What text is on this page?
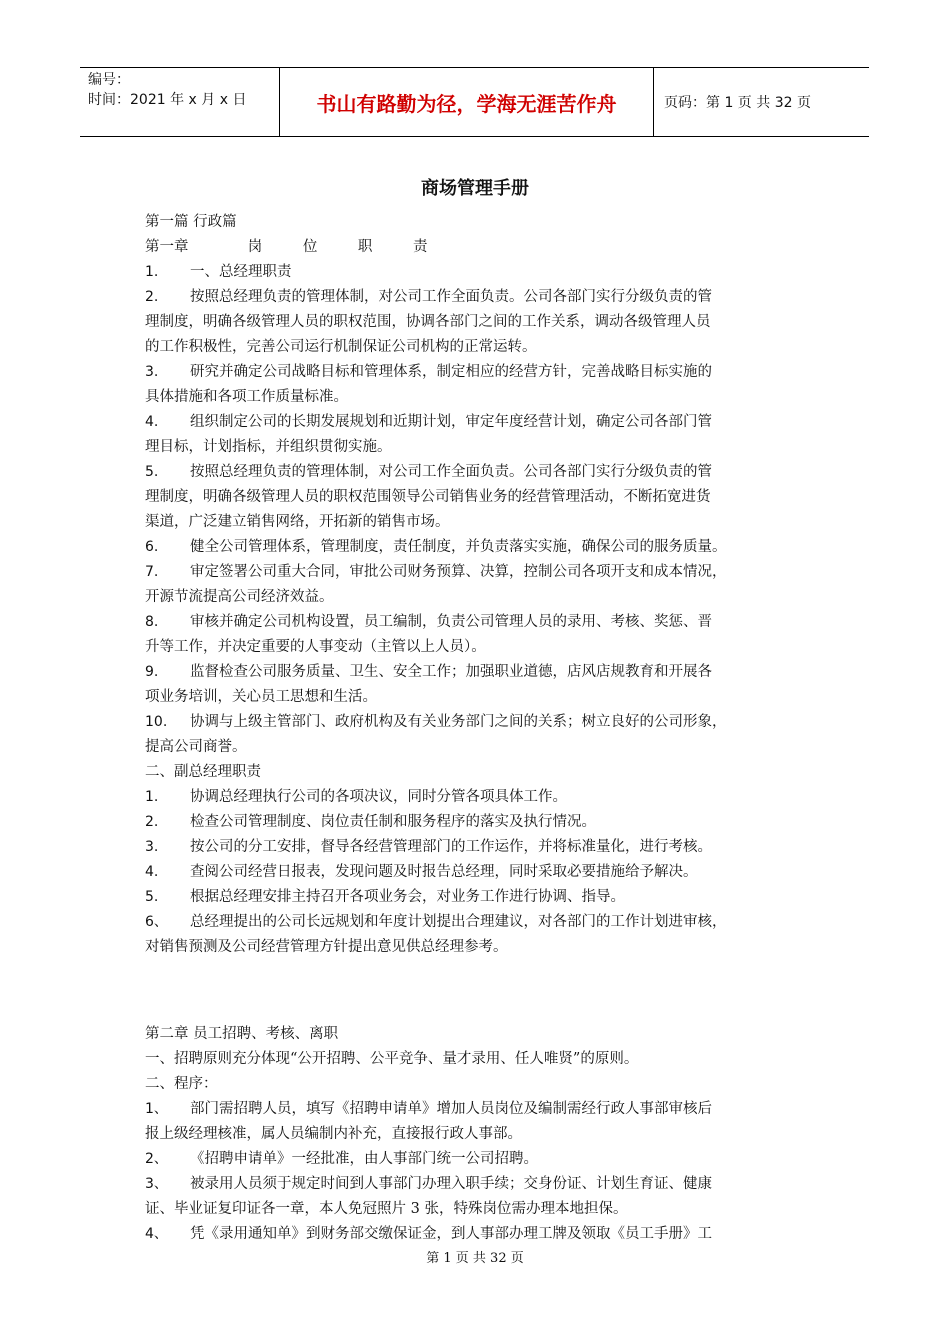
编号：
时间：2021 年 x 月 x 日	书山有路勤为径，学海无涯苦作舟	页码：第 1 页 共 32 页
商场管理手册
第一篇 行政篇
第一章	岗 位 职 责
1. 一、总经理职责
2. 按照总经理负责的管理体制，对公司工作全面负责。公司各部门实行分级负责的管
理制度，明确各级管理人员的职权范围，协调各部门之间的工作关系，调动各级管理人员
的工作积极性，完善公司运行机制保证公司机构的正常运转。
3. 研究并确定公司战略目标和管理体系，制定相应的经营方针，完善战略目标实施的
具体措施和各项工作质量标准。
4. 组织制定公司的长期发展规划和近期计划，审定年度经营计划，确定公司各部门管
理目标，计划指标，并组织贯彻实施。
5. 按照总经理负责的管理体制，对公司工作全面负责。公司各部门实行分级负责的管
理制度，明确各级管理人员的职权范围领导公司销售业务的经营管理活动，不断拓宽进货
渠道，广泛建立销售网络，开拓新的销售市场。
6. 健全公司管理体系，管理制度，责任制度，并负责落实实施，确保公司的服务质量。
7. 审定签署公司重大合同，审批公司财务预算、决算，控制公司各项开支和成本情况，
开源节流提高公司经济效益。
8. 审核并确定公司机构设置，员工编制，负责公司管理人员的录用、考核、奖惩、晋
升等工作，并决定重要的人事变动（主管以上人员）。
9. 监督检查公司服务质量、卫生、安全工作；加强职业道德，店风店规教育和开展各
项业务培训，关心员工思想和生活。
10. 协调与上级主管部门、政府机构及有关业务部门之间的关系；树立良好的公司形象，
提高公司商誉。
二、副总经理职责
1. 协调总经理执行公司的各项决议，同时分管各项具体工作。
2. 检查公司管理制度、岗位责任制和服务程序的落实及执行情况。
3. 按公司的分工安排，督导各经营管理部门的工作运作，并将标准量化，进行考核。
4. 查阅公司经营日报表，发现问题及时报告总经理，同时采取必要措施给予解决。
5. 根据总经理安排主持召开各项业务会，对业务工作进行协调、指导。
6、 总经理提出的公司长远规划和年度计划提出合理建议，对各部门的工作计划进审核，
对销售预测及公司经营管理方针提出意见供总经理参考。
第二章 员工招聘、考核、离职
一、招聘原则充分体现“公开招聘、公平竞争、量才录用、任人唯贤”的原则。
二、程序：
1、 部门需招聘人员，填写《招聘申请单》增加人员岗位及编制需经行政人事部审核后
报上级经理核准，属人员编制内补充，直接报行政人事部。
2、 《招聘申请单》一经批准，由人事部门统一公司招聘。
3、 被录用人员须于规定时间到人事部门办理入职手续；交身份证、计划生育证、健康
证、毕业证复印证各一章，本人免冠照片 3 张，特殊岗位需办理本地担保。
4、 凭《录用通知单》到财务部交缴保证金，到人事部办理工牌及领取《员工手册》工
第 1 页 共 32 页
